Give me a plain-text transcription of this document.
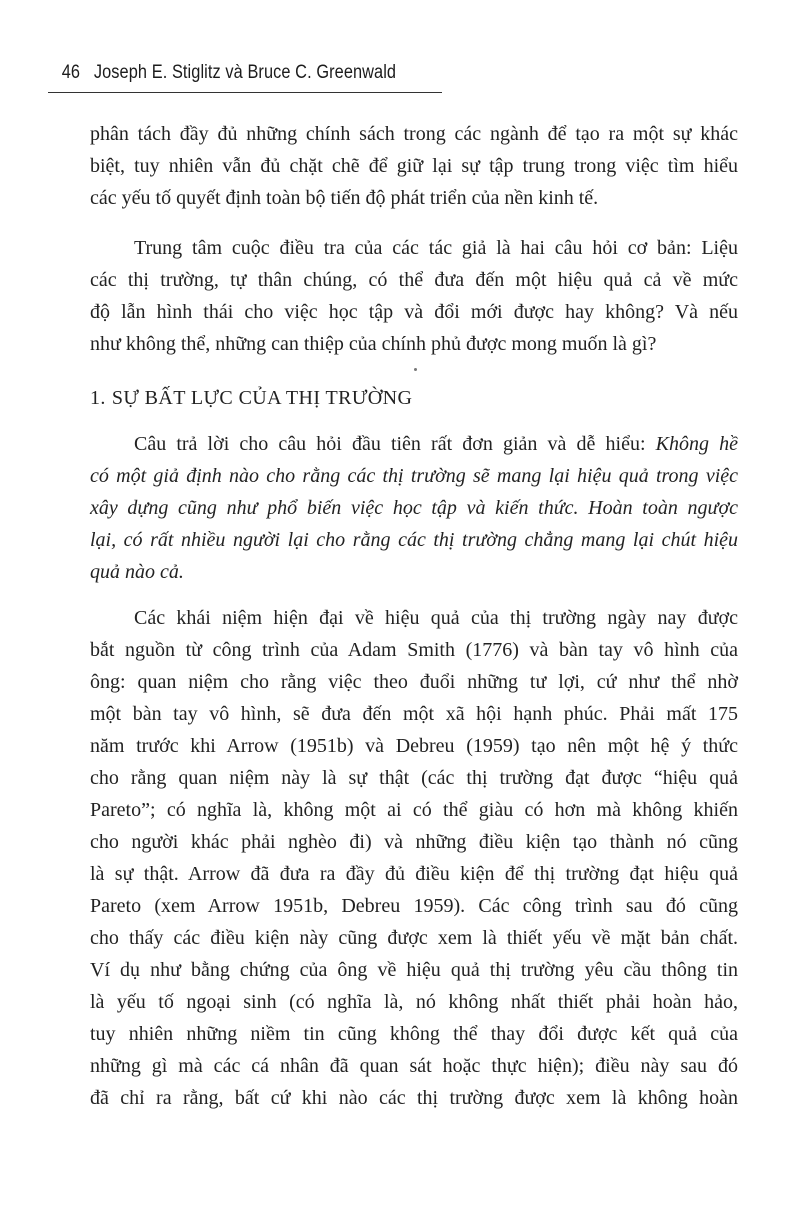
46 Joseph E. Stiglitz và Bruce C. Greenwald
phân tách đầy đủ những chính sách trong các ngành để tạo ra một sự khác
biệt, tuy nhiên vẫn đủ chặt chẽ để giữ lại sự tập trung trong việc tìm hiểu
các yếu tố quyết định toàn bộ tiến độ phát triển của nền kinh tế.
Trung tâm cuộc điều tra của các tác giả là hai câu hỏi cơ bản: Liệu
các thị trường, tự thân chúng, có thể đưa đến một hiệu quả cả về mức
độ lẫn hình thái cho việc học tập và đổi mới được hay không? Và nếu
như không thể, những can thiệp của chính phủ được mong muốn là gì?
1. SỰ BẤT LỰC CỦA THỊ TRƯỜNG
Câu trả lời cho câu hỏi đầu tiên rất đơn giản và dễ hiểu: Không hề
có một giả định nào cho rằng các thị trường sẽ mang lại hiệu quả trong việc
xây dựng cũng như phổ biến việc học tập và kiến thức. Hoàn toàn ngược
lại, có rất nhiều người lại cho rằng các thị trường chẳng mang lại chút hiệu
quả nào cả.
Các khái niệm hiện đại về hiệu quả của thị trường ngày nay được
bắt nguồn từ công trình của Adam Smith (1776) và bàn tay vô hình của
ông: quan niệm cho rằng việc theo đuổi những tư lợi, cứ như thể nhờ
một bàn tay vô hình, sẽ đưa đến một xã hội hạnh phúc. Phải mất 175
năm trước khi Arrow (1951b) và Debreu (1959) tạo nên một hệ ý thức
cho rằng quan niệm này là sự thật (các thị trường đạt được “hiệu quả
Pareto”; có nghĩa là, không một ai có thể giàu có hơn mà không khiến
cho người khác phải nghèo đi) và những điều kiện tạo thành nó cũng
là sự thật. Arrow đã đưa ra đầy đủ điều kiện để thị trường đạt hiệu quả
Pareto (xem Arrow 1951b, Debreu 1959). Các công trình sau đó cũng
cho thấy các điều kiện này cũng được xem là thiết yếu về mặt bản chất.
Ví dụ như bằng chứng của ông về hiệu quả thị trường yêu cầu thông tin
là yếu tố ngoại sinh (có nghĩa là, nó không nhất thiết phải hoàn hảo,
tuy nhiên những niềm tin cũng không thể thay đổi được kết quả của
những gì mà các cá nhân đã quan sát hoặc thực hiện); điều này sau đó
đã chỉ ra rằng, bất cứ khi nào các thị trường được xem là không hoàn
